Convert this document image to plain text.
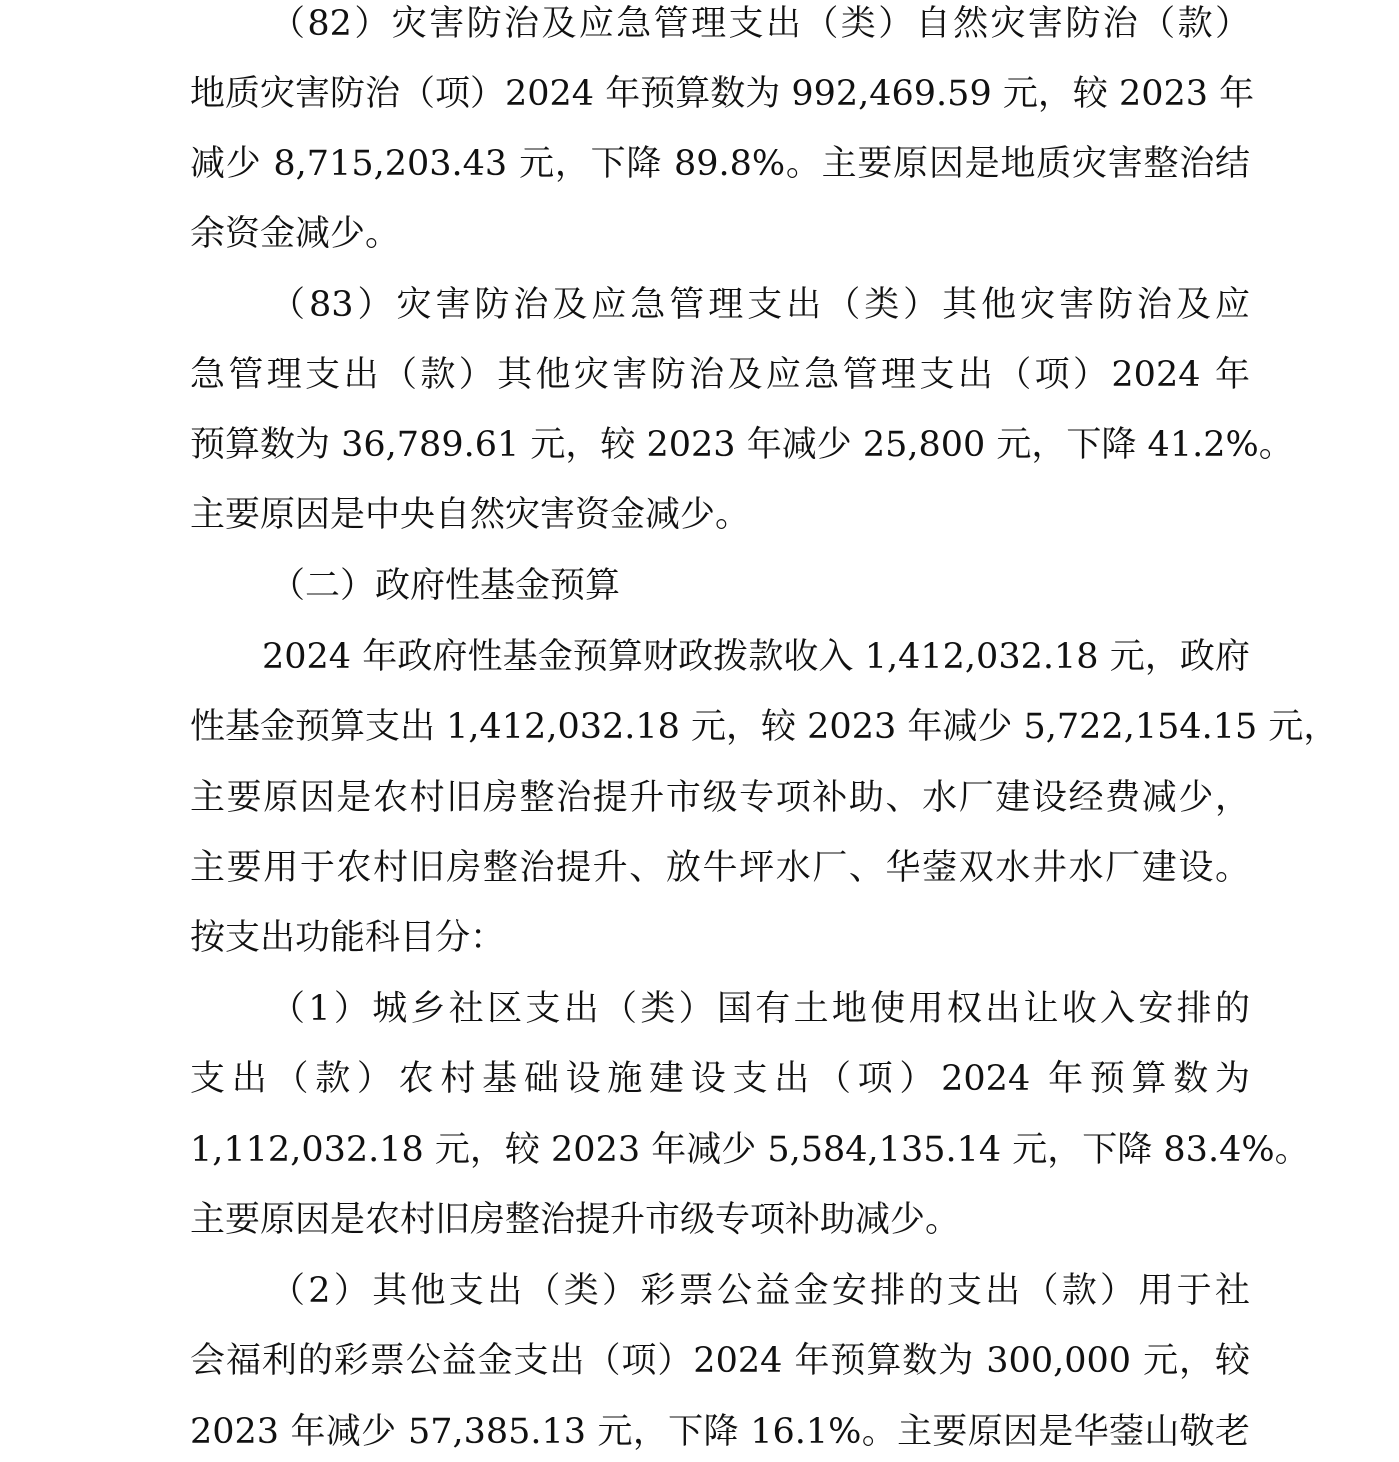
（82）灾害防治及应急管理支出（类）自然灾害防治（款）
地质灾害防治（项）2024 年预算数为 992,469.59 元，较 2023 年
减少 8,715,203.43 元，下降 89.8%。主要原因是地质灾害整治结
余资金减少。
（83）灾害防治及应急管理支出（类）其他灾害防治及应
急管理支出（款）其他灾害防治及应急管理支出（项）2024 年
预算数为 36,789.61 元，较 2023 年减少 25,800 元，下降 41.2%。
主要原因是中央自然灾害资金减少。
（二）政府性基金预算
2024 年政府性基金预算财政拨款收入 1,412,032.18 元，政府
性基金预算支出 1,412,032.18 元，较 2023 年减少 5,722,154.15 元，
主要原因是农村旧房整治提升市级专项补助、水厂建设经费减少，
主要用于农村旧房整治提升、放牛坪水厂、华蓥双水井水厂建设。
按支出功能科目分：
（1）城乡社区支出（类）国有土地使用权出让收入安排的
支出（款）农村基础设施建设支出（项）2024 年预算数为
1,112,032.18 元，较 2023 年减少 5,584,135.14 元，下降 83.4%。
主要原因是农村旧房整治提升市级专项补助减少。
（2）其他支出（类）彩票公益金安排的支出（款）用于社
会福利的彩票公益金支出（项）2024 年预算数为 300,000 元，较
2023 年减少 57,385.13 元，下降 16.1%。主要原因是华蓥山敬老
